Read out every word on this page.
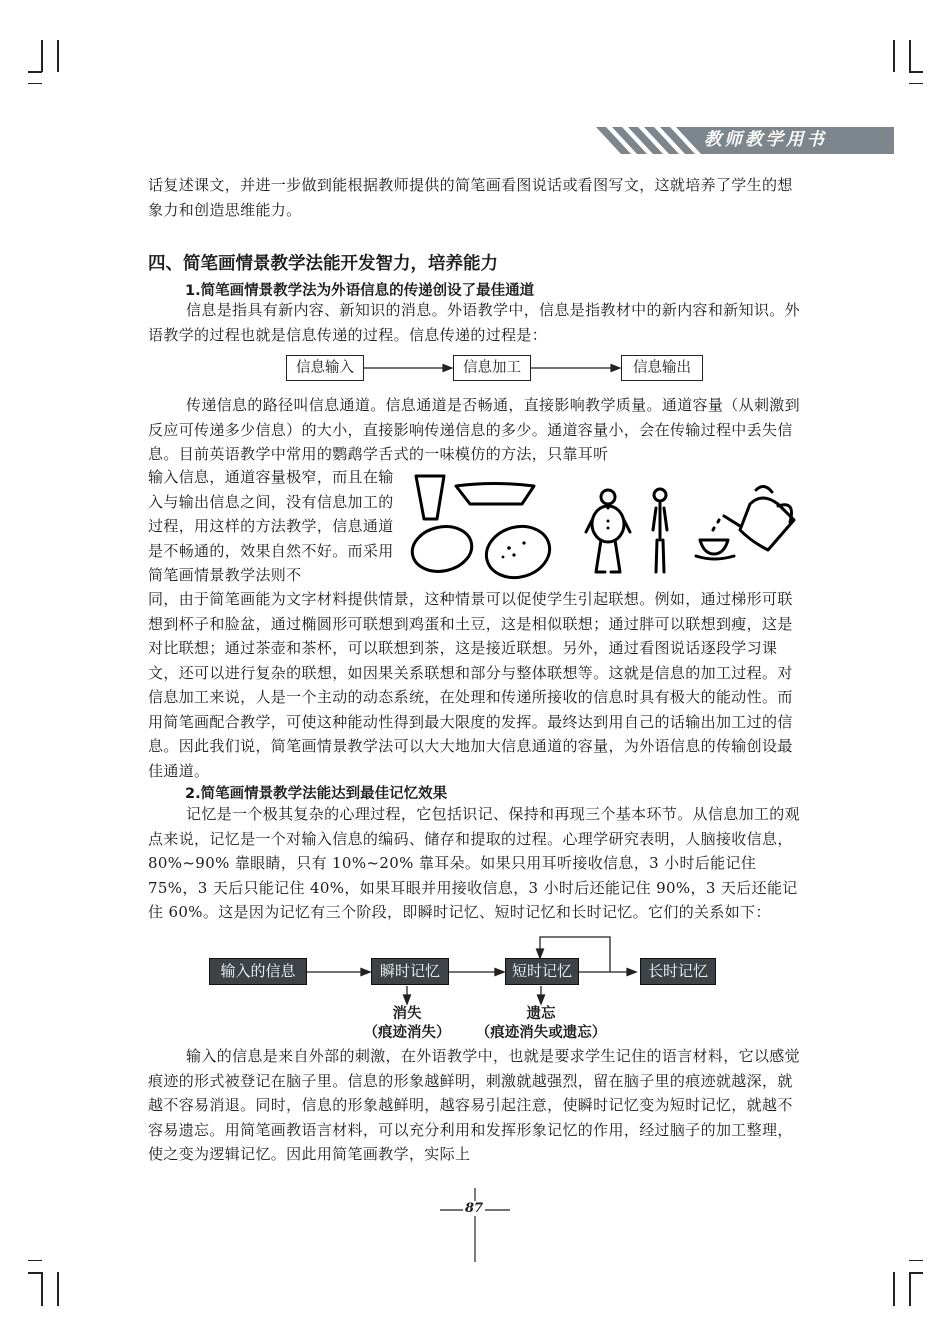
教师教学用书
话复述课文，并进一步做到能根据教师提供的简笔画看图说话或看图写文，这就培养了学生的想象力和创造思维能力。
四、简笔画情景教学法能开发智力，培养能力
1.简笔画情景教学法为外语信息的传递创设了最佳通道
信息是指具有新内容、新知识的消息。外语教学中，信息是指教材中的新内容和新知识。外语教学的过程也就是信息传递的过程。信息传递的过程是：
信息输入	信息加工	信息输出
传递信息的路径叫信息通道。信息通道是否畅通，直接影响教学质量。通道容量（从刺激到反应可传递多少信息）的大小，直接影响传递信息的多少。通道容量小，会在传输过程中丢失信息。目前英语教学中常用的鹦鹉学舌式的一味模仿的方法，只靠耳听
输入信息，通道容量极窄，而且在输入与输出信息之间，没有信息加工的过程，用这样的方法教学，信息通道是不畅通的，效果自然不好。而采用简笔画情景教学法则不
同，由于简笔画能为文字材料提供情景，这种情景可以促使学生引起联想。例如，通过梯形可联想到杯子和脸盆，通过椭圆形可联想到鸡蛋和土豆，这是相似联想；通过胖可以联想到瘦，这是对比联想；通过茶壶和茶杯，可以联想到茶，这是接近联想。另外，通过看图说话逐段学习课文，还可以进行复杂的联想，如因果关系联想和部分与整体联想等。这就是信息的加工过程。对信息加工来说，人是一个主动的动态系统，在处理和传递所接收的信息时具有极大的能动性。而用简笔画配合教学，可使这种能动性得到最大限度的发挥。最终达到用自己的话输出加工过的信息。因此我们说，简笔画情景教学法可以大大地加大信息通道的容量，为外语信息的传输创设最佳通道。
2.简笔画情景教学法能达到最佳记忆效果
记忆是一个极其复杂的心理过程，它包括识记、保持和再现三个基本环节。从信息加工的观点来说，记忆是一个对输入信息的编码、储存和提取的过程。心理学研究表明，人脑接收信息，80%~90% 靠眼睛，只有 10%~20% 靠耳朵。如果只用耳听接收信息，3 小时后能记住 75%，3 天后只能记住 40%，如果耳眼并用接收信息，3 小时后还能记住 90%，3 天后还能记住 60%。这是因为记忆有三个阶段，即瞬时记忆、短时记忆和长时记忆。它们的关系如下：
输入的信息	瞬时记忆	短时记忆	长时记忆
消失
（痕迹消失）
遗忘
（痕迹消失或遗忘）
输入的信息是来自外部的刺激，在外语教学中，也就是要求学生记住的语言材料，它以感觉痕迹的形式被登记在脑子里。信息的形象越鲜明，刺激就越强烈，留在脑子里的痕迹就越深，就越不容易消退。同时，信息的形象越鲜明，越容易引起注意，使瞬时记忆变为短时记忆，就越不容易遗忘。用简笔画教语言材料，可以充分利用和发挥形象记忆的作用，经过脑子的加工整理，使之变为逻辑记忆。因此用简笔画教学，实际上
87
